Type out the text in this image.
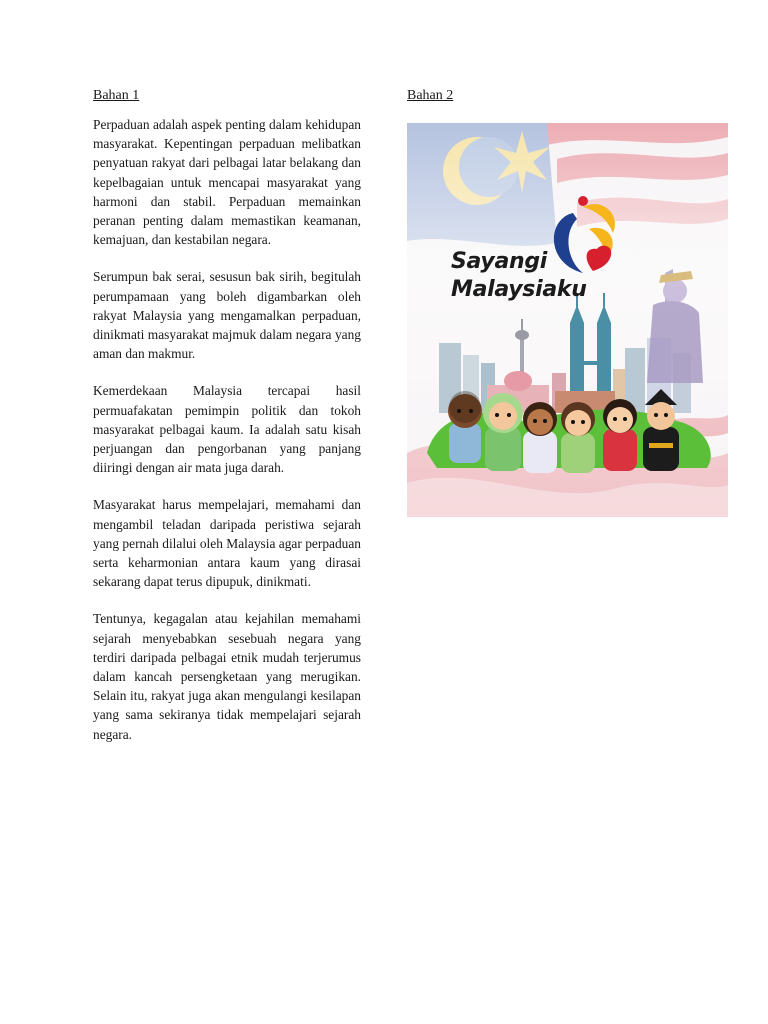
Bahan 1

Perpaduan adalah aspek penting dalam kehidupan masyarakat. Kepentingan perpaduan melibatkan penyatuan rakyat dari pelbagai latar belakang dan kepelbagaian untuk mencapai masyarakat yang harmoni dan stabil. Perpaduan memainkan peranan penting dalam memastikan keamanan, kemajuan, dan kestabilan negara.

Serumpun bak serai, sesusun bak sirih, begitulah perumpamaan yang boleh digambarkan oleh rakyat Malaysia yang mengamalkan perpaduan, dinikmati masyarakat majmuk dalam negara yang aman dan makmur.

Kemerdekaan Malaysia tercapai hasil permuafakatan pemimpin politik dan tokoh masyarakat pelbagai kaum. Ia adalah satu kisah perjuangan dan pengorbanan yang panjang diiringi dengan air mata juga darah.

Masyarakat harus mempelajari, memahami dan mengambil teladan daripada peristiwa sejarah yang pernah dilalui oleh Malaysia agar perpaduan serta keharmonian antara kaum yang dirasai sekarang dapat terus dipupuk, dinikmati.

Tentunya, kegagalan atau kejahilan memahami sejarah menyebabkan sesebuah negara yang terdiri daripada pelbagai etnik mudah terjerumus dalam kancah persengketaan yang merugikan. Selain itu, rakyat juga akan mengulangi kesilapan yang sama sekiranya tidak mempelajari sejarah negara.

Bahan 2
Sayangi
Malaysiaku
